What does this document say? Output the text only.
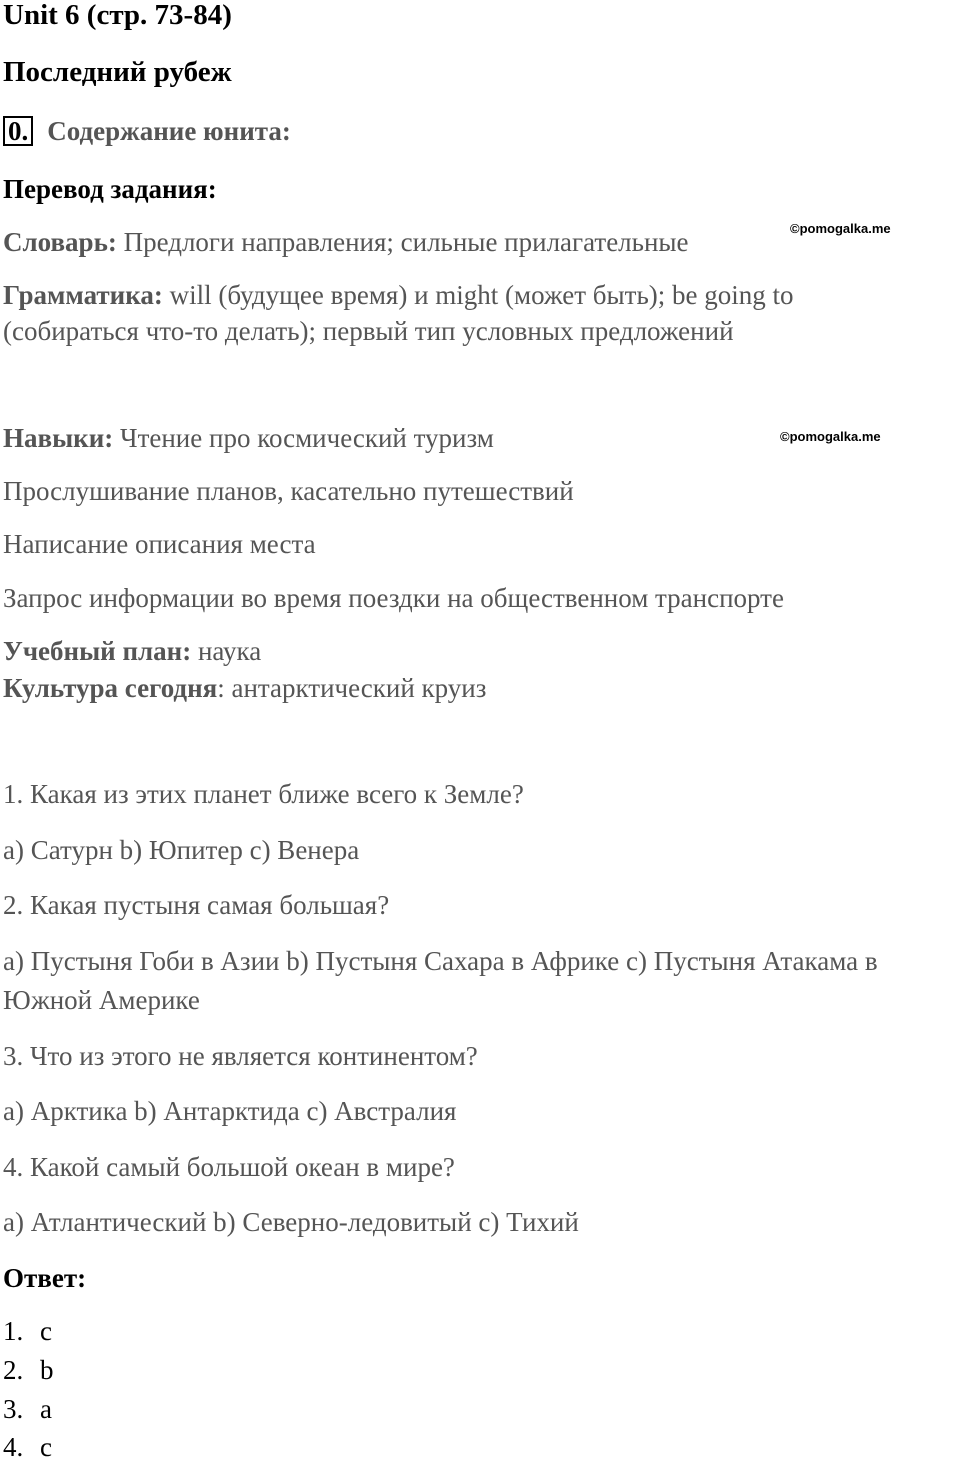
Unit 6 (стр. 73-84)
Последний рубеж
0. Содержание юнита:
Перевод задания:
Словарь: Предлоги направления; сильные прилагательные	©pomogalka.me
Грамматика: will (будущее время) и might (может быть); be going to
(собираться что-то делать); первый тип условных предложений
Навыки: Чтение про космический туризм	©pomogalka.me
Прослушивание планов, касательно путешествий
Написание описания места
Запрос информации во время поездки на общественном транспорте
Учебный план: наука
Культура сегодня: антарктический круиз
1. Какая из этих планет ближе всего к Земле?
a) Сатурн b) Юпитер c) Венера
2. Какая пустыня самая большая?
a) Пустыня Гоби в Азии b) Пустыня Сахара в Африке c) Пустыня Атакама в
Южной Америке
3. Что из этого не является континентом?
a) Арктика b) Антарктида c) Австралия
4. Какой самый большой океан в мире?
a) Атлантический b) Северно-ледовитый c) Тихий
Ответ:
1. c
2. b
3. a
4. c
